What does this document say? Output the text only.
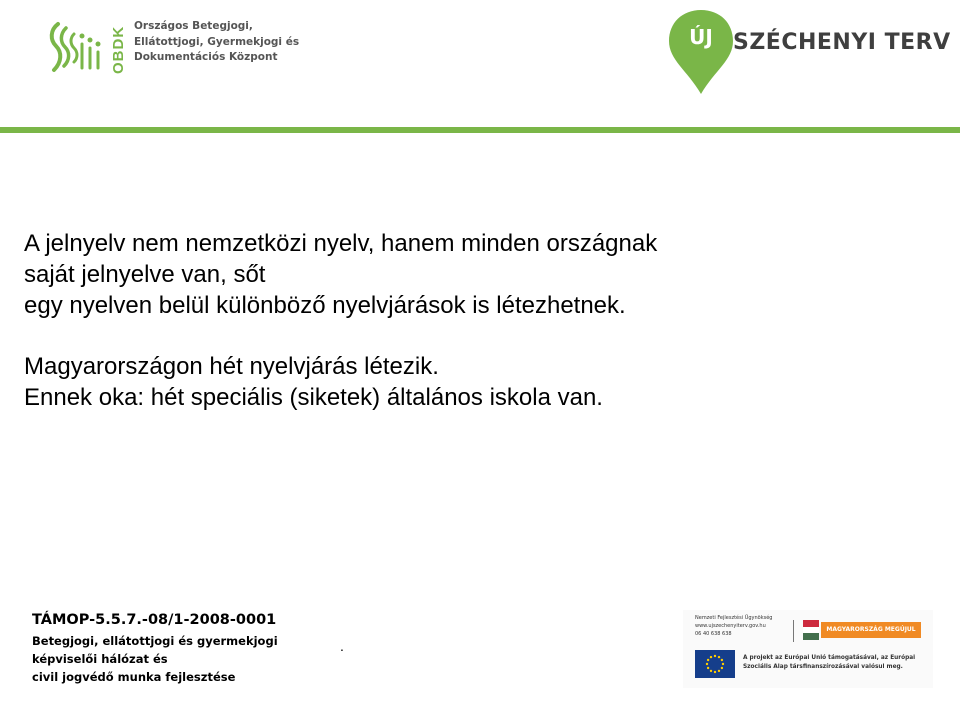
OBDK Országos Betegjogi,
Ellátottjogi, Gyermekjogi és
Dokumentációs Központ
ÚJ SZÉCHENYI TERV
A jelnyelv nem nemzetközi nyelv, hanem minden országnak
saját jelnyelve van, sőt
egy nyelven belül különböző nyelvjárások is létezhetnek.
Magyarországon hét nyelvjárás létezik.
Ennek oka: hét speciális (siketek) általános iskola van.
TÁMOP-5.5.7.-08/1-2008-0001
Betegjogi, ellátottjogi és gyermekjogi
képviselői hálózat és
civil jogvédő munka fejlesztése
.
Nemzeti Fejlesztési Ügynökség
www.ujszechenyiterv.gov.hu
06 40 638 638
MAGYARORSZÁG MEGÚJUL
A projekt az Európai Unió támogatásával, az Európai
Szociális Alap társfinanszírozásával valósul meg.
